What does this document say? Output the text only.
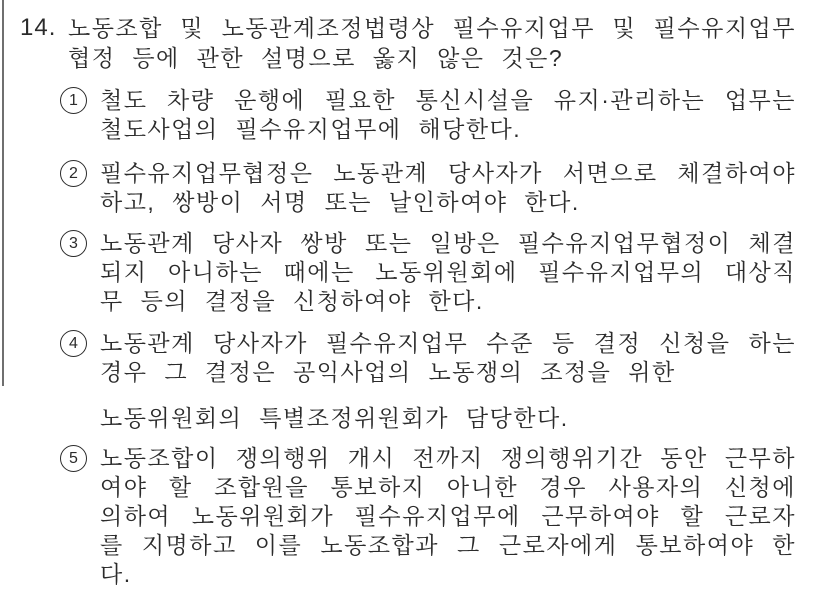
14. 노동조합 및 노동관계조정법령상 필수유지업무 및 필수유지업무협정 등에 관한 설명으로 옳지 않은 것은?
1 철도 차량 운행에 필요한 통신시설을 유지·관리하는 업무는 철도사업의 필수유지업무에 해당한다.
2 필수유지업무협정은 노동관계 당사자가 서면으로 체결하여야 하고, 쌍방이 서명 또는 날인하여야 한다.
3 노동관계 당사자 쌍방 또는 일방은 필수유지업무협정이 체결되지 아니하는 때에는 노동위원회에 필수유지업무의 대상직무 등의 결정을 신청하여야 한다.
4 노동관계 당사자가 필수유지업무 수준 등 결정 신청을 하는 경우 그 결정은 공익사업의 노동쟁의 조정을 위한
노동위원회의 특별조정위원회가 담당한다.
5 노동조합이 쟁의행위 개시 전까지 쟁의행위기간 동안 근무하여야 할 조합원을 통보하지 아니한 경우 사용자의 신청에 의하여 노동위원회가 필수유지업무에 근무하여야 할 근로자를 지명하고 이를 노동조합과 그 근로자에게 통보하여야 한다.
